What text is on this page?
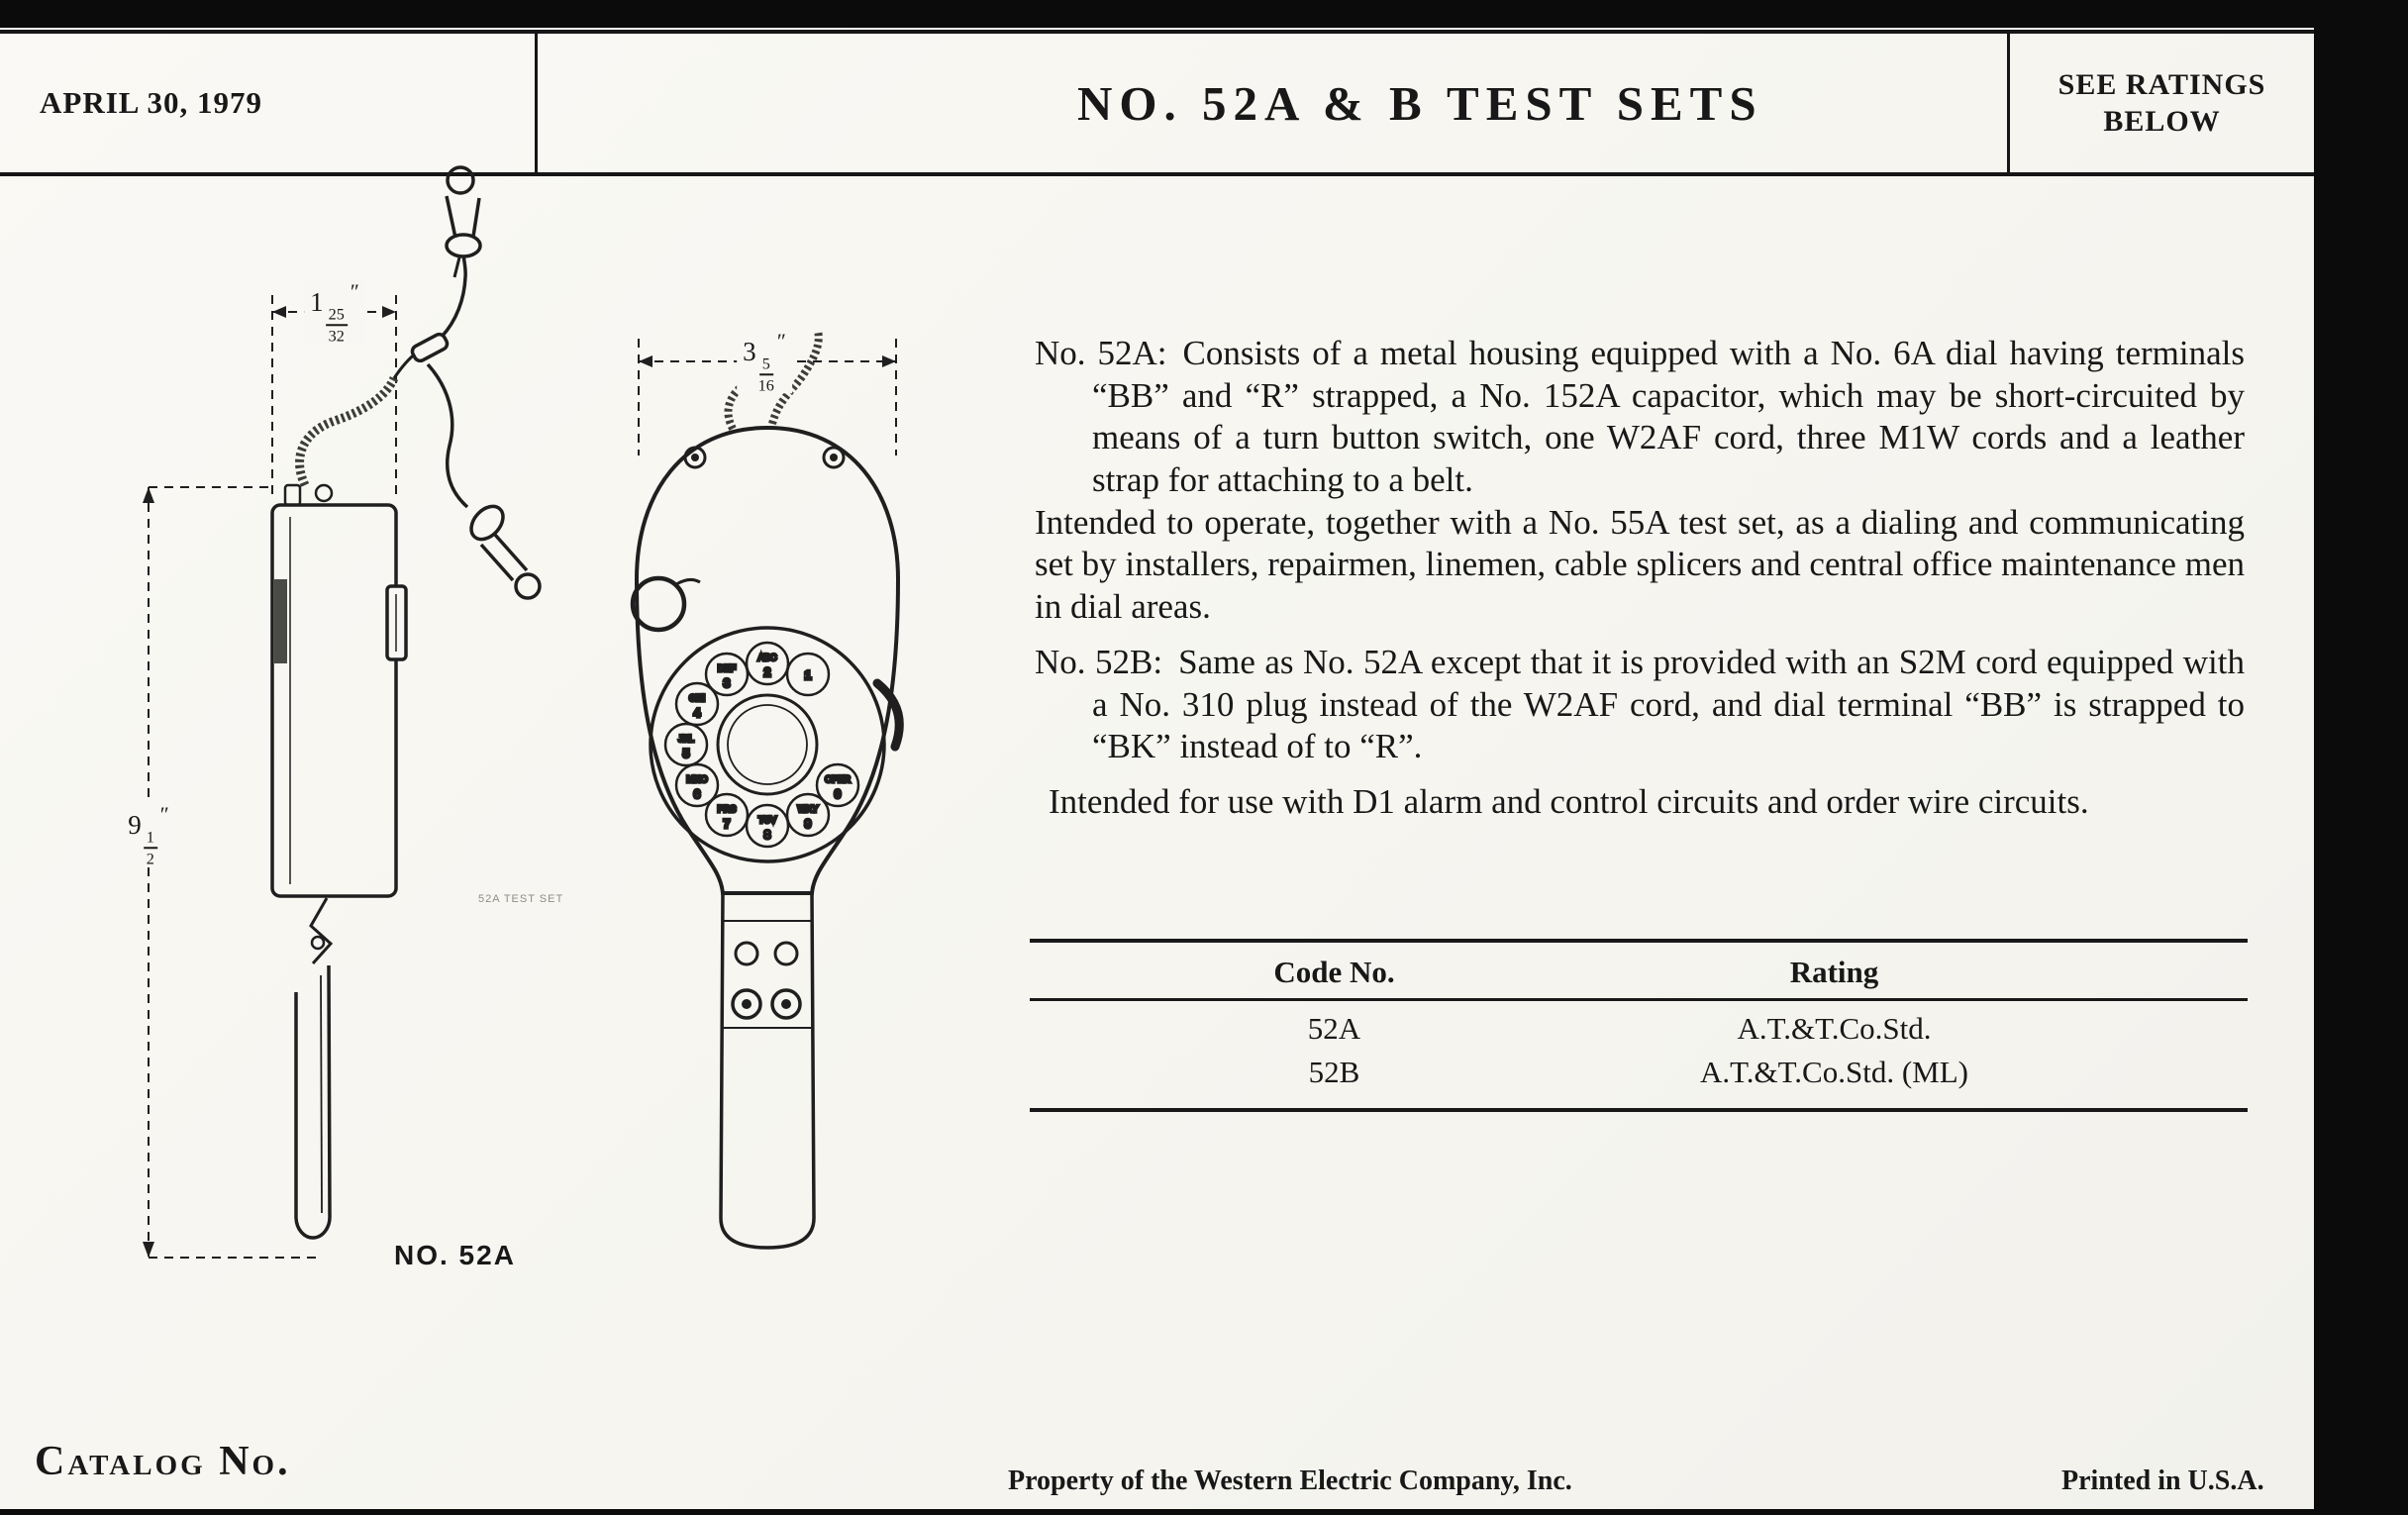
APRIL 30, 1979	NO. 52A & B TEST SETS	SEE RATINGS
BELOW
1
ABC
2
DEF
3
GHI
4
JKL
5
MNO
6
PRS
7	TUV
8
WXY
9
OPER
0
1
$\frac{25}{32}$
″
3
$\frac{5}{16}$
″
9
$\frac{1}{2}$
″
NO. 52A
52A TEST SET

No. 52A: Consists of a metal housing equipped with a No. 6A dial having terminals “BB” and “R” strapped, a No. 152A capacitor, which may be short-circuited by means of a turn button switch, one W2AF cord, three M1W cords and a leather strap for attaching to a belt.

Intended to operate, together with a No. 55A test set, as a dialing and communicating set by installers, repairmen, linemen, cable splicers and central office maintenance men in dial areas.

No. 52B: Same as No. 52A except that it is provided with an S2M cord equipped with a No. 310 plug instead of the W2AF cord, and dial terminal “BB” is strapped to “BK” instead of to “R”.

Intended for use with D1 alarm and control circuits and order wire circuits.

Code No.	Rating
52A	A.T.&T.Co.Std.
52B	A.T.&T.Co.Std. (ML)
Catalog No.	Property of the Western Electric Company, Inc.	Printed in U.S.A.
